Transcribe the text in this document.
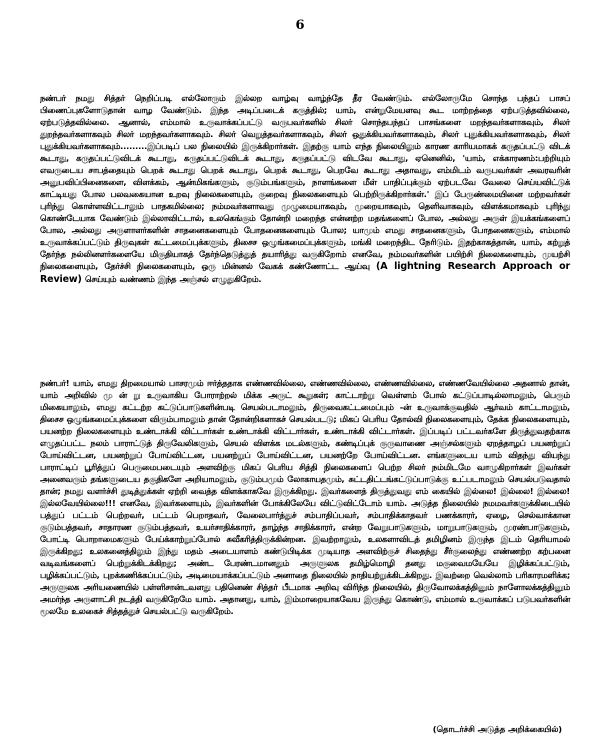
6
நண்பர் நமது சித்தர் நெறிப்படி எல்லோரும் இல்லற வாழ்வு வாழ்ந்தே தீர வேண்டும். எல்லோருமே சொந்த பந்தப் பாசப் பிணைப்புகளோடுதான் வாழ வேண்டும். இந்த அடிப்படைக் கருத்தில்; யாம், என்றுமேயளவு கூட மாற்றத்தை ஏற்படுத்தவில்லை, ஏற்படுத்தவில்லை. ஆனால், எம்மால் உருவாக்கப்பட்டு வருபவர்களில் சிலர் சொந்தபந்தப் பாசங்களை மறந்தவர்களாகவும், சிலர் துறந்தவர்களாகவும் சிலர் மறந்தவர்களாகவும். சிலர் வெறுத்தவர்களாகவும், சிலர் ஒதுக்கியவர்களாகவும், சிலர் புதுக்கியவர்களாகவும், சிலர் புதுக்கியவர்களாகவும்.........இப்படிப் பல நிலையில் இருக்கிறார்கள். இதற்கு யாம் எந்த நிலையிலும் காரண காரியமாகக் கருதப்பட்டு விடக் கூடாது, கருதப்பட்டுவிடக் கூடாது, கருதப்பட்டுவிடக் கூடாது, கருதப்பட்டு விடவே கூடாது, ஏனெனில், 'யாம், எக்காரணம்:பற்றியும் எவருடைய சாபத்தையும் பெறக் கூடாது பெறக் கூடாது, பெறக் கூடாது, பெறவே கூடாது அதாவது, எம்மிடம் வருபவர்கள் அவரவரின் அனுபவிப்பினைகளை, விளக்கம், ஆன்மிகங்களும், குடும்பங்களும், நாளங்களை மீள் பாதிப்புக்கும் ஏற்படவே வேலை செய்யவிட்டுக் காட்டியது போல பலவகையான உறவு நிலைகளையும், குறைவு நிலைகளையும் பெற்றிருக்கிறார்கள்.' இப் பேருண்மையினை மற்றவர்கள் புரிந்து கொள்ளவிட்டாலும் பாதகமில்லை; நம்மவர்களாவது முழுமையாகவும், முறையாகவும், தெளிவாகவும், விளக்கமாகவும் புரிந்து கொண்டேயாக வேண்டும் இல்லாவிட்டால், உலகெங்கும் தோன்றி மறைந்த என்னற்ற மதங்களைப் போல, அல்லது அருள் இயக்கங்களைப் போல, அல்லது அருளாளர்களின் சாதனைகளையும் போதனைகளையும் போல; யாமும் எமது சாதனைகளும், போதனைகளும், எம்மால் உருவாக்கப்பட்டும் திருவுகள் கட்டமைப்புக்களும், திசைச ஒழுங்கமைப்புக்களும், மங்கி மறைந்திட நேரிடும். இதற்காகத்தான், யாம், கற்றுத் தேர்ந்த நல்லினளர்களையே மிகுதியாகத் தேர்ந்தெடுத்துத் தயாரித்து வருகிறோம் எனவே, நம்மவர்களின் பயிற்சி நிலைகளையும், முயற்சி நிலைகளையும், தேர்ச்சி நிலைகளையும், ஒரு மின்னல் வேகக் கண்ணோட்ட ஆய்வு (A lightning Research Approach or Review) செய்யும் வண்ணம் இந்த அஞ்சல் எழுதுகிறேம்.
நண்பர்! யாம், எமது திறமையால் பாசரமும் ஈர்த்ததாக எண்ணவில்லை, எண்ணவில்லை, எண்ணவில்லை, எண்ணவேயில்லை அதனால் தான், யாம் அறிவில் மு ன் று உருவாகிய போராற்றல் மிக்க அருட் கூறுகள்; காட்டாற்று வெள்ளம் போல் கட்டுப்பாடில்லாமலும், பெரும் மிகையாலும், எமது கட்டற்ற கட்டுப்பாடுகளின்படி செயல்படாமலும், திருவைகட்டமைப்பும் -ன் உருவாக்குவதில் ஆர்வம் காட்டாமலும், திசைச ஒழுங்கமைப்புக்களை விரும்பாமலும் தான் தோன்றிகளாகச் செயல்படடு; மிகப் பெரிய தோல்வி நிலைகளையும், தேக்க நிலைகளையும், பயனற்ற நிலைகளையும் உண்டாக்கி விட்டார்கள் உண்டாக்கி விட்டார்கள், உண்டாக்கி விட்டார்கள். இப்படிப் பட்டவர்களே திருத்துவதற்காக எழுதப்பட்ட நலம் பாராட்டுத் திருவேலிகளும், செயல் விளக்க மடல்களும், கண்டிப்புக் குருவாணை அஞ்சல்களும் ஏறத்தாழப் பயனற்றுப் போய்விட்டன, பயனற்றுப் போய்விட்டன, பயனற்றுப் போய்விட்டன, பயனற்றே போய்விட்டன. எங்களுடைய யாம் விதந்து வியந்து பாராட்டிப் பூரித்துப் பெருமைபடையும் அளவிற்கு மிகப் பெரிய சித்தி நிலைகளைப் பெற்ற சிலர் நம்மிடமே வாழுகிறார்கள் இவர்கள் அனைவரும் தங்களுடைய தகுதிகளே அறியாமலும், குடும்பமும் லோகாயதமும், சுட்டதிட்டங்கட்டுப்பாடுக்கு உட்படாமலும் செயல்படுவதால் தான்; நமது வளர்ச்சி துடித்துக்கள் ஏற்றி வைத்த விளக்காகவே இருக்கிறது. இவர்களைத் திருத்துவது எம் கையில் இல்லை! இல்லை! இல்லை! இல்லவேயில்லை!!! எனவே, இவர்களையும், இவர்களின் போக்கிலேயே விட்டுவிட்டோம் யாம். அடுத்த நிலையில் நமமவர்களுக்கிடையில் பத்துப் பட்டம் பெற்றவர், பட்டம் பெறாதவர், வேலைபார்த்துச் சம்பாதிப்பவர், சம்பாதிக்காதவர் பணக்காரர், ஏழை, செல்வாக்கான குடும்பத்தவர், சாதாரண குடும்பத்தவர், உயர்சாதிக்காரர், தாழ்ந்த சாதிக்காரர், என்ற வேறுபாடுகளும், மாறுபாடுகளும், முரண்பாடுகளும், போட்டி பொறாமைகளும் பேய்க்காற்றுப்போல் சுவீகரித்திருக்கின்றன. இவற்றாலும், உலகளாவிடத் தமிழினம் இருந்த இடம் தெரியாமல் இருக்கிறது; உலகனைத்திலும் இந்து மதம் அடையாளம் கண்டுபிடிக்க முடியாத அளவிற்குச் சிதைந்து சீர்குலைந்து எண்ணற்ற கற்பனை வடிவங்களைப் பெற்றுக்கிடக்கிறது; அண்ட பேரண்டமானதும் அருளுலக தமிழ்மொழி தனது மகுவைமயேயே இழிக்கப்பட்டும், பழிக்கப்பட்டும், புறக்கணிக்கப்பட்டும், அடிமையாக்கப்பட்டும் அனாதை நிலையில் நாதியற்றுக்கிடக்கிறது. இவற்றை வெல்லாம் பரிகாரமளிக்க; அருளுலக அரியணையில் பள்ளிசான்டவளது பதினெண் சித்தர் பீடமாக அறிவு விரிந்த நிலையில், திருவோலக்கத்தினும் நாளோலக்கத்தினும் அமர்ந்த அருளாட்சி நடத்தி வருகிறேமே யாம். அதானது, யாம், இம்மாறையாகவேய இருந்து கொண்டு, எம்மால் உருவாக்கப் படுபவர்களின் மூலமே உலகைச் சித்தத்துச் செயல்பட்டு வருகிறேம்.
(தொடர்ச்சி அடுத்த அறிக்கையில்)
